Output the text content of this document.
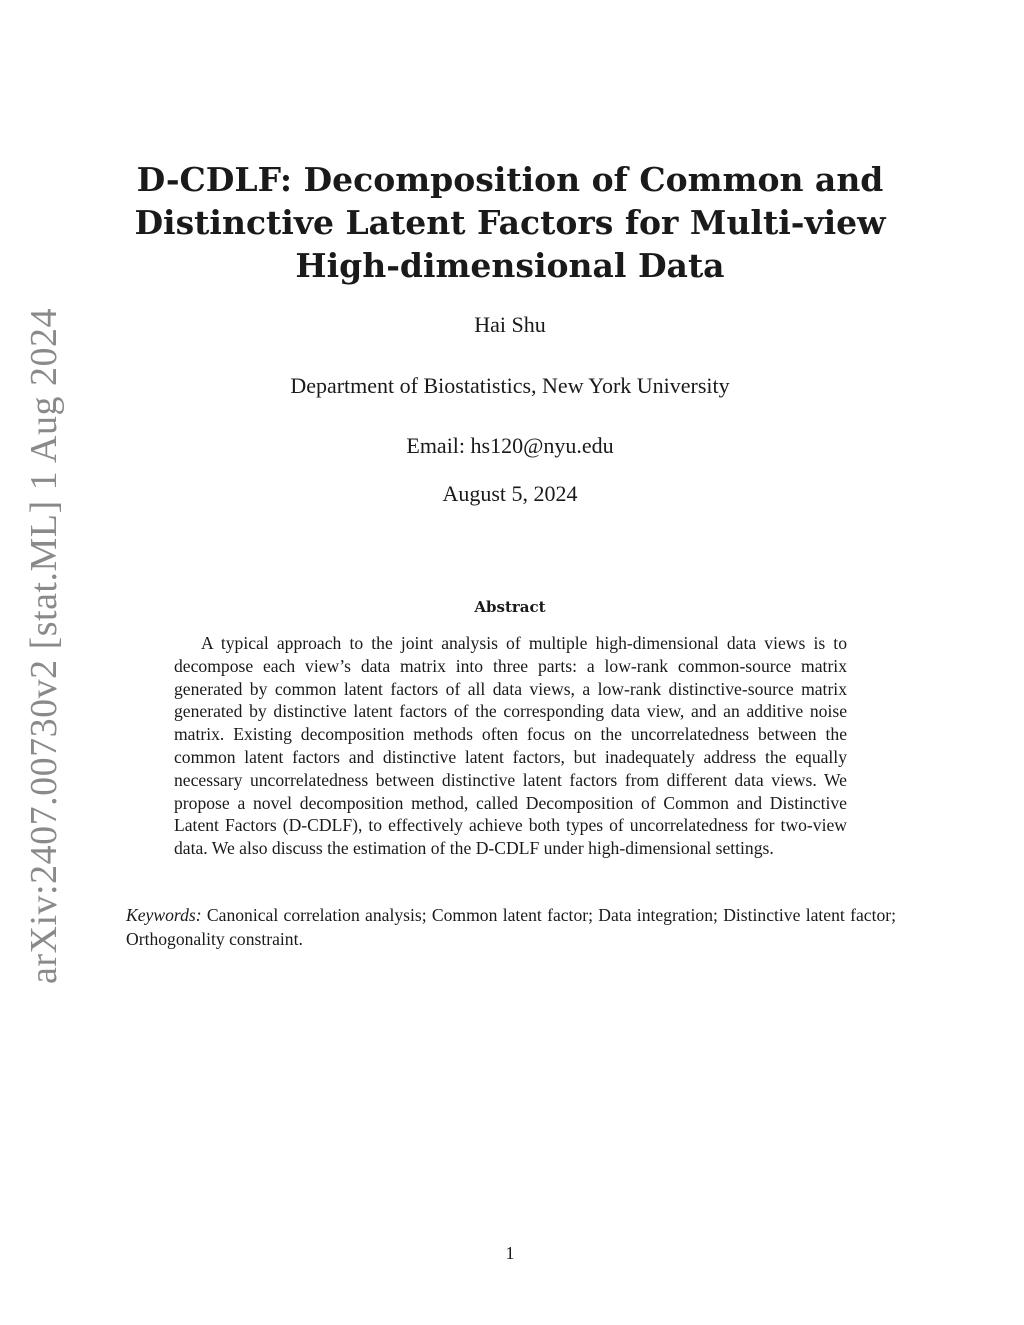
arXiv:2407.00730v2 [stat.ML] 1 Aug 2024
D-CDLF: Decomposition of Common and Distinctive Latent Factors for Multi-view High-dimensional Data
Hai Shu
Department of Biostatistics, New York University
Email: hs120@nyu.edu
August 5, 2024
Abstract
A typical approach to the joint analysis of multiple high-dimensional data views is to decompose each view’s data matrix into three parts: a low-rank common-source matrix generated by common latent factors of all data views, a low-rank distinctive-source matrix generated by distinctive latent factors of the corresponding data view, and an additive noise matrix. Existing decomposition methods often focus on the uncorrelatedness between the common latent factors and distinctive latent factors, but inadequately address the equally necessary uncorrelatedness between distinctive latent factors from different data views. We propose a novel decomposition method, called Decomposition of Common and Distinctive Latent Factors (D-CDLF), to effectively achieve both types of uncorrelatedness for two-view data. We also discuss the estimation of the D-CDLF under high-dimensional settings.
Keywords: Canonical correlation analysis; Common latent factor; Data integration; Distinctive latent factor; Orthogonality constraint.
1
